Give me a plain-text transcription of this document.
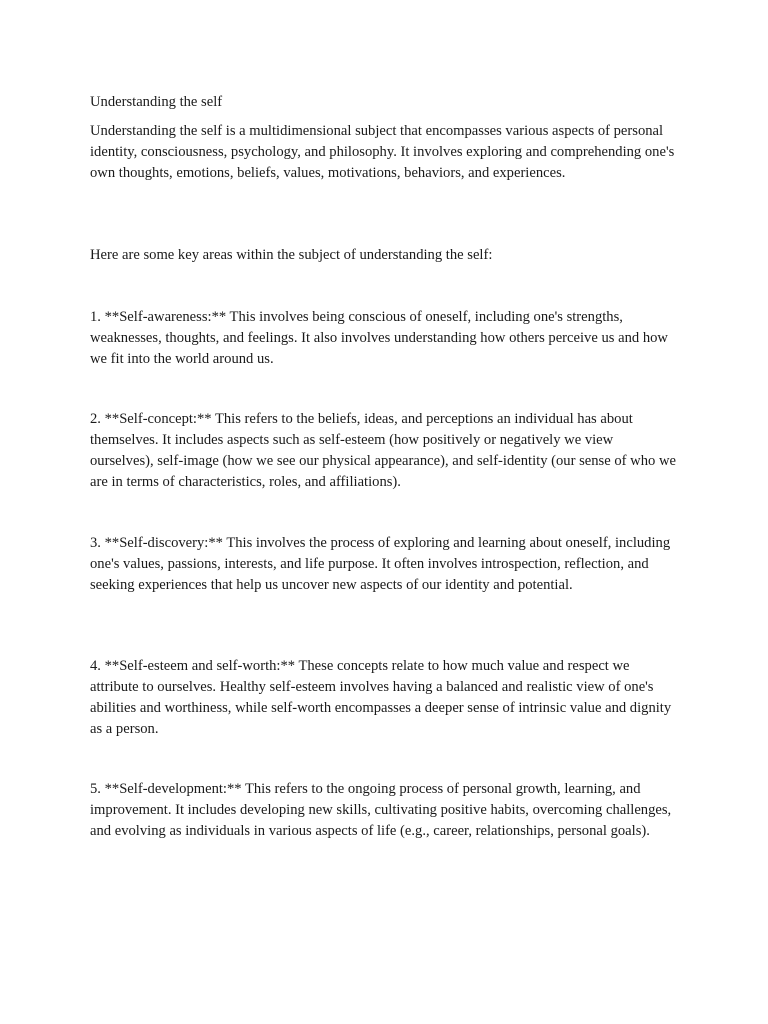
Understanding the self

Understanding the self is a multidimensional subject that encompasses various aspects of personal identity, consciousness, psychology, and philosophy. It involves exploring and comprehending one's own thoughts, emotions, beliefs, values, motivations, behaviors, and experiences.

Here are some key areas within the subject of understanding the self:

1. **Self-awareness:** This involves being conscious of oneself, including one's strengths, weaknesses, thoughts, and feelings. It also involves understanding how others perceive us and how we fit into the world around us.

2. **Self-concept:** This refers to the beliefs, ideas, and perceptions an individual has about themselves. It includes aspects such as self-esteem (how positively or negatively we view ourselves), self-image (how we see our physical appearance), and self-identity (our sense of who we are in terms of characteristics, roles, and affiliations).

3. **Self-discovery:** This involves the process of exploring and learning about oneself, including one's values, passions, interests, and life purpose. It often involves introspection, reflection, and seeking experiences that help us uncover new aspects of our identity and potential.

4. **Self-esteem and self-worth:** These concepts relate to how much value and respect we attribute to ourselves. Healthy self-esteem involves having a balanced and realistic view of one's abilities and worthiness, while self-worth encompasses a deeper sense of intrinsic value and dignity as a person.

5. **Self-development:** This refers to the ongoing process of personal growth, learning, and improvement. It includes developing new skills, cultivating positive habits, overcoming challenges, and evolving as individuals in various aspects of life (e.g., career, relationships, personal goals).
